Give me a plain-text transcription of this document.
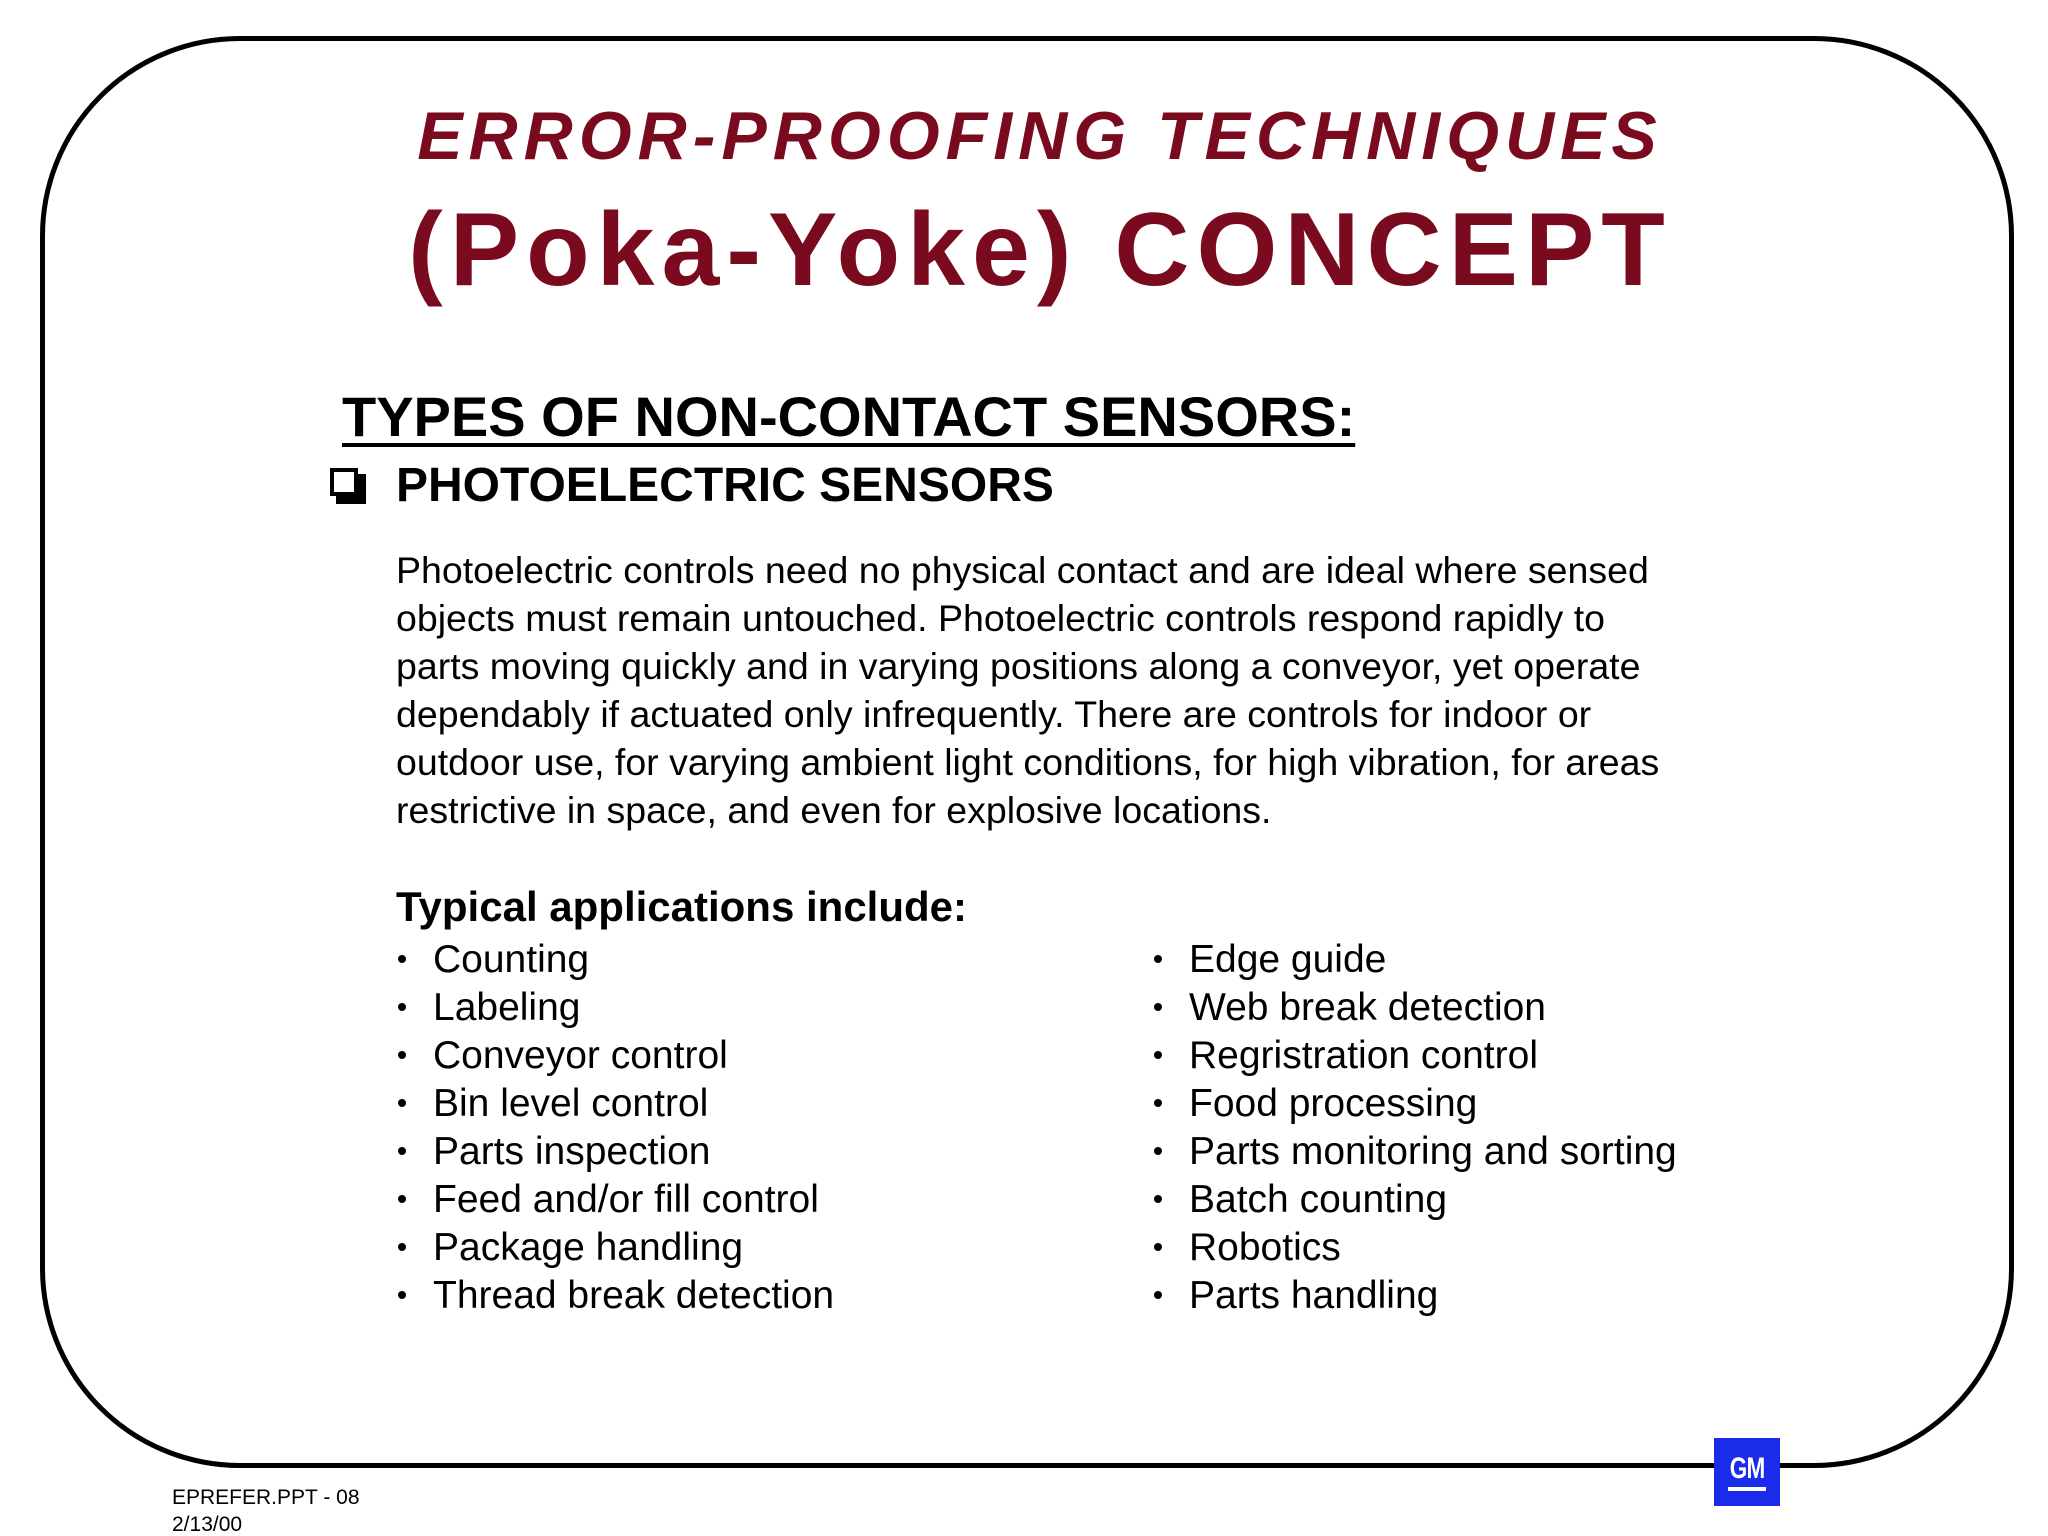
ERROR-PROOFING TECHNIQUES
(Poka-Yoke) CONCEPT
TYPES OF NON-CONTACT SENSORS:
PHOTOELECTRIC SENSORS

Photoelectric controls need no physical contact and are ideal where sensed
objects must remain untouched. Photoelectric controls respond rapidly to
parts moving quickly and in varying positions along a conveyor, yet operate
dependably if actuated only infrequently. There are controls for indoor or
outdoor use, for varying ambient light conditions, for high vibration, for areas
restrictive in space, and even for explosive locations.

Typical applications include:
Counting
Labeling
Conveyor control
Bin level control
Parts inspection
Feed and/or fill control
Package handling
Thread break detection
Edge guide
Web break detection
Regristration control
Food processing
Parts monitoring and sorting
Batch counting
Robotics
Parts handling
EPREFER.PPT - 08
2/13/00
GM
